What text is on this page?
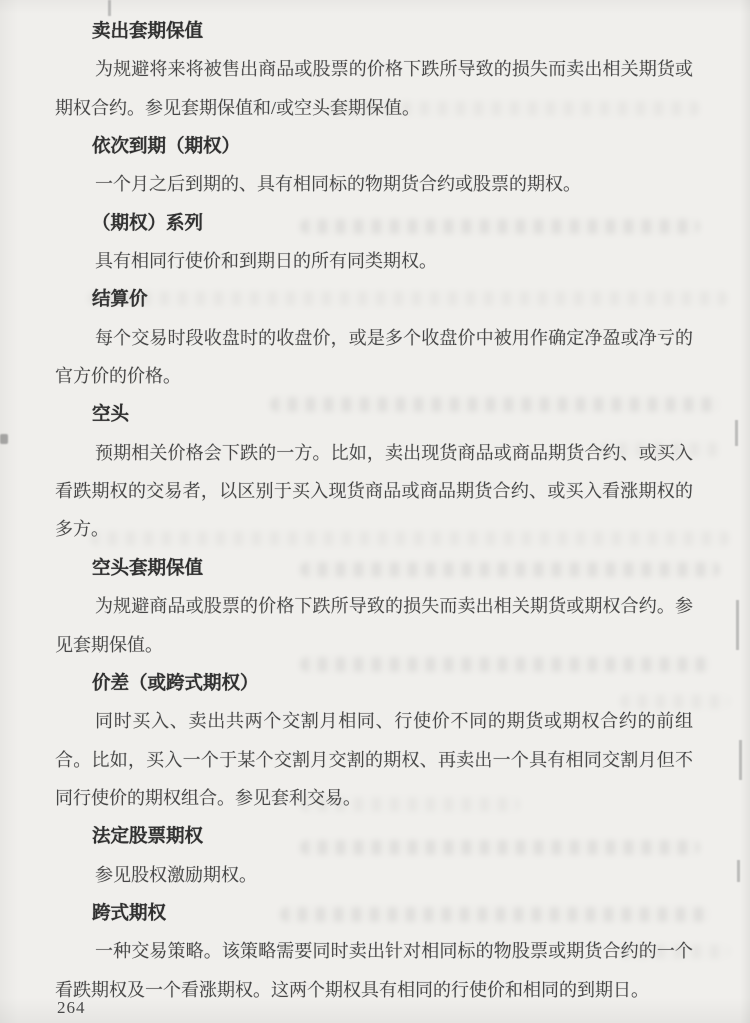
卖出套期保值
为规避将来将被售出商品或股票的价格下跌所导致的损失而卖出相关期货或
期权合约。参见套期保值和/或空头套期保值。
依次到期（期权）
一个月之后到期的、具有相同标的物期货合约或股票的期权。
（期权）系列
具有相同行使价和到期日的所有同类期权。
结算价
每个交易时段收盘时的收盘价，或是多个收盘价中被用作确定净盈或净亏的
官方价的价格。
空头
预期相关价格会下跌的一方。比如，卖出现货商品或商品期货合约、或买入
看跌期权的交易者，以区别于买入现货商品或商品期货合约、或买入看涨期权的
多方。
空头套期保值
为规避商品或股票的价格下跌所导致的损失而卖出相关期货或期权合约。参
见套期保值。
价差（或跨式期权）
同时买入、卖出共两个交割月相同、行使价不同的期货或期权合约的前组
合。比如，买入一个于某个交割月交割的期权、再卖出一个具有相同交割月但不
同行使价的期权组合。参见套利交易。
法定股票期权
参见股权激励期权。
跨式期权
一种交易策略。该策略需要同时卖出针对相同标的物股票或期货合约的一个
看跌期权及一个看涨期权。这两个期权具有相同的行使价和相同的到期日。
264
